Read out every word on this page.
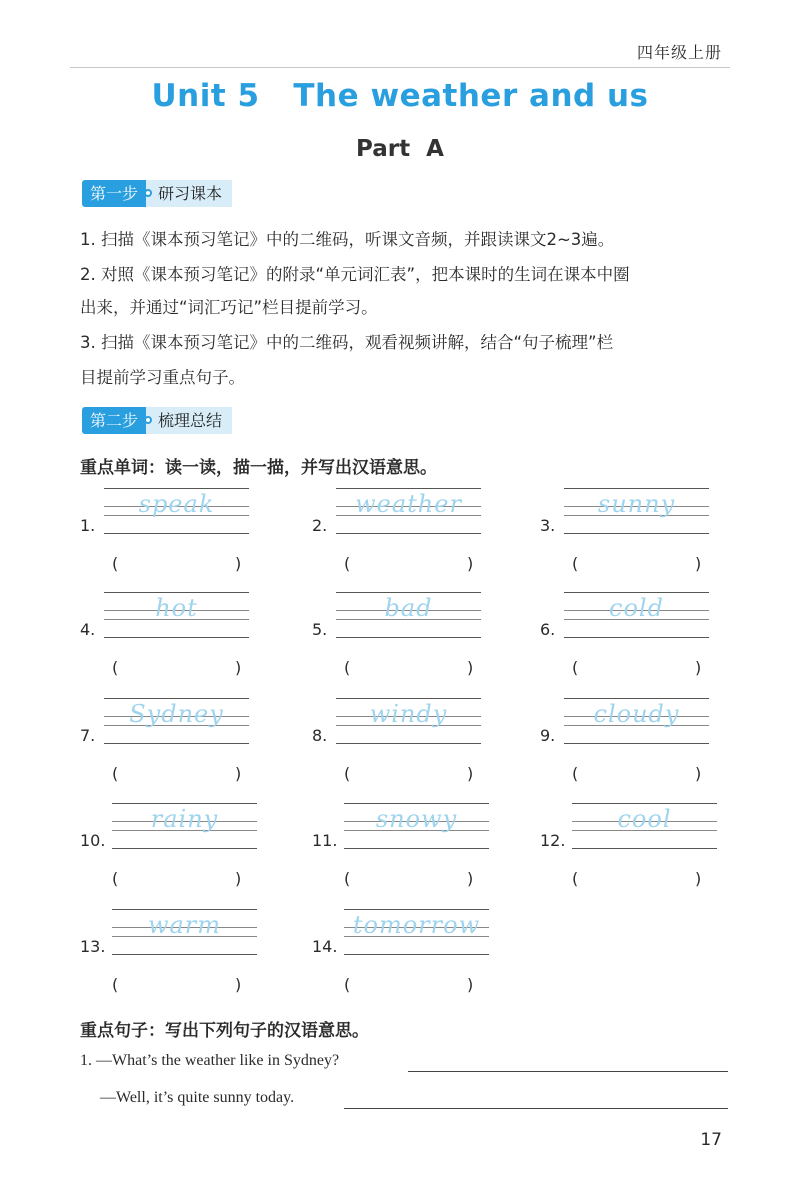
四年级上册
Unit 5   The weather and us
Part  A
第一步	研习课本
1. 扫描《课本预习笔记》中的二维码，听课文音频，并跟读课文2~3遍。
2. 对照《课本预习笔记》的附录“单元词汇表”，把本课时的生词在课本中圈
出来，并通过“词汇巧记”栏目提前学习。
3. 扫描《课本预习笔记》中的二维码，观看视频讲解，结合“句子梳理”栏
目提前学习重点句子。
第二步	梳理总结
重点单词：读一读，描一描，并写出汉语意思。
1.
speak
(	)
2.
weather
(	)
3.
sunny
(	)
4.
hot
(	)
5.
bad
(	)
6.
cold
(	)
7.
Sydney
(	)
8.
windy
(	)
9.
cloudy
(	)
10.
rainy
(	)
11.
snowy
(	)
12.
cool
(	)
13.
warm
(	)
14.
tomorrow
(	)
重点句子：写出下列句子的汉语意思。
1. —What’s the weather like in Sydney?
—Well, it’s quite sunny today.
17
